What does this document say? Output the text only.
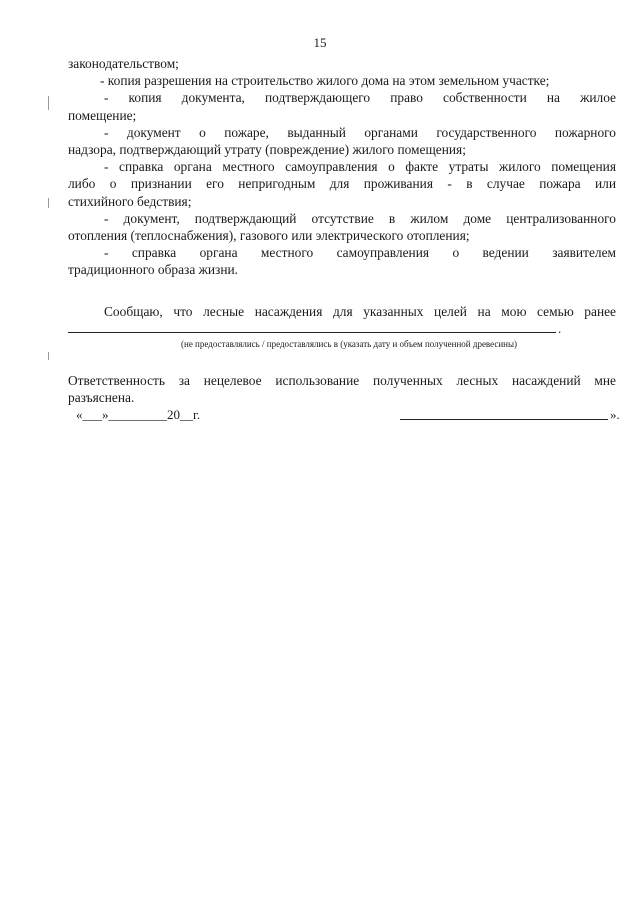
15
законодательством;
- копия разрешения на строительство жилого дома на этом земельном участке;
- копия документа, подтверждающего право собственности на жилое
помещение;
- документ о пожаре, выданный органами государственного пожарного
надзора, подтверждающий утрату (повреждение) жилого помещения;
- справка органа местного самоуправления о факте утраты жилого помещения
либо о признании его непригодным для проживания - в случае пожара или
стихийного бедствия;
- документ, подтверждающий отсутствие в жилом доме централизованного
отопления (теплоснабжения), газового или электрического отопления;
- справка органа местного самоуправления о ведении заявителем
традиционного образа жизни.
Сообщаю, что лесные насаждения для указанных целей на мою семью ранее
.
(не предоставлялись / предоставлялись в (указать дату и объем полученной древесины)
Ответственность за нецелевое использование полученных лесных насаждений мне
разъяснена.
«___»_________20__г.	».
